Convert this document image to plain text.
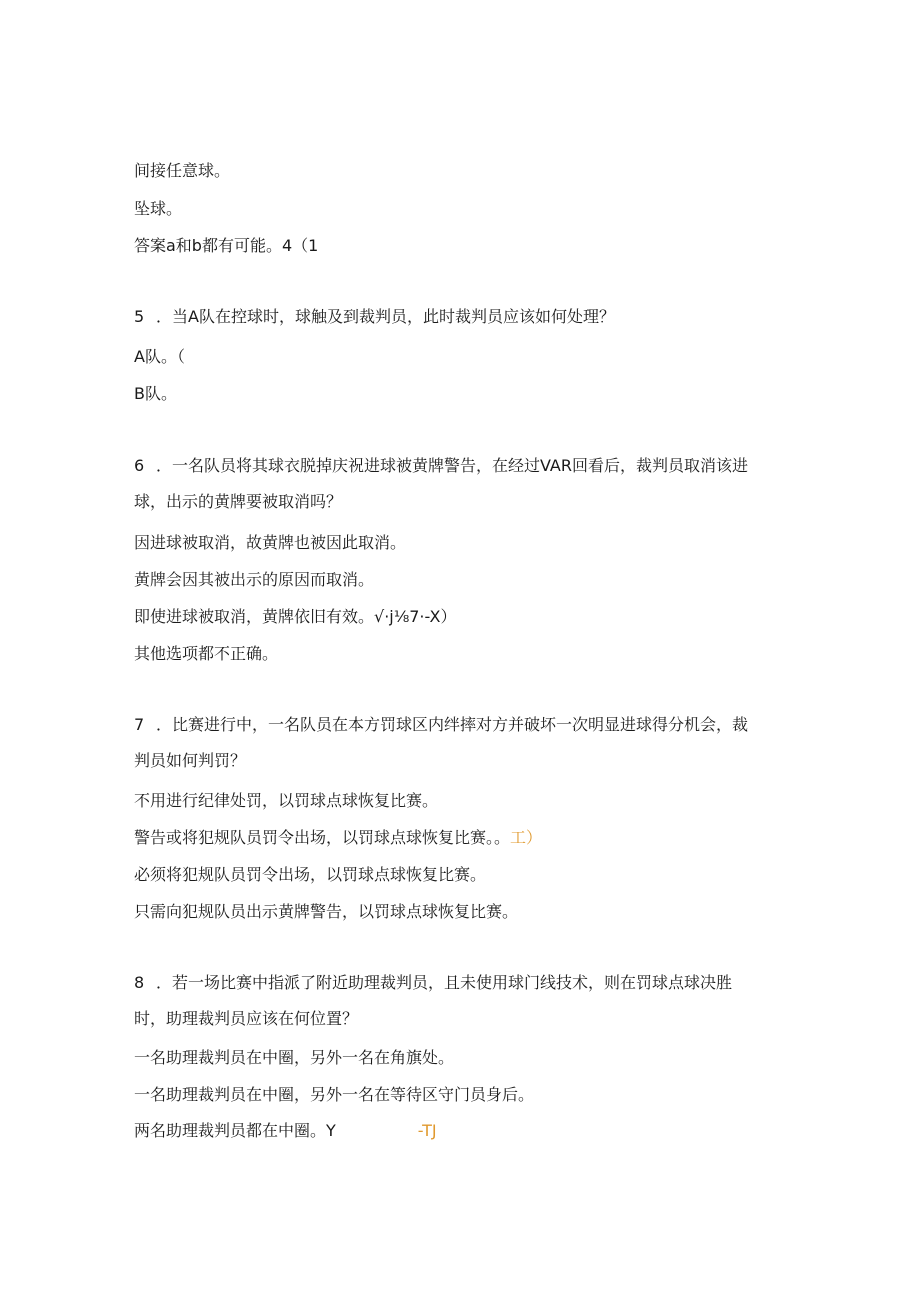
间接任意球。
坠球。
答案a和b都有可能。4（1
5 ．当A队在控球时，球触及到裁判员，此时裁判员应该如何处理？
A队。（
B队。
6 ．一名队员将其球衣脱掉庆祝进球被黄牌警告，在经过VAR回看后，裁判员取消该进
球，出示的黄牌要被取消吗？
因进球被取消，故黄牌也被因此取消。
黄牌会因其被出示的原因而取消。
即使进球被取消，黄牌依旧有效。√·j⅛7·-X）
其他选项都不正确。
7 ．比赛进行中，一名队员在本方罚球区内绊摔对方并破坏一次明显进球得分机会，裁
判员如何判罚？
不用进行纪律处罚，以罚球点球恢复比赛。
警告或将犯规队员罚令出场，以罚球点球恢复比赛。。工）
必须将犯规队员罚令出场，以罚球点球恢复比赛。
只需向犯规队员出示黄牌警告，以罚球点球恢复比赛。
8 ．若一场比赛中指派了附近助理裁判员，且未使用球门线技术，则在罚球点球决胜
时，助理裁判员应该在何位置？
一名助理裁判员在中圈，另外一名在角旗处。
一名助理裁判员在中圈，另外一名在等待区守门员身后。
两名助理裁判员都在中圈。Y	-TJ
